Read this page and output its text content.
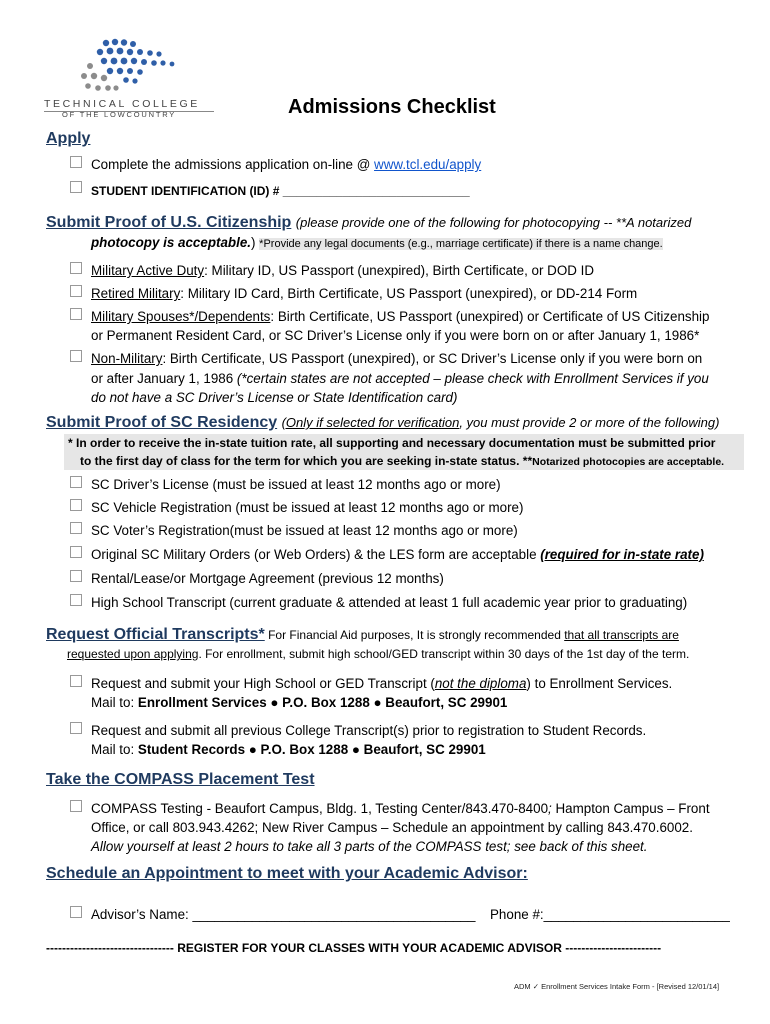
TECHNICAL COLLEGE
OF THE LOWCOUNTRY	Admissions Checklist
Apply
Complete the admissions application on-line @ www.tcl.edu/apply
STUDENT IDENTIFICATION (ID) # ____________________________
Submit Proof of U.S. Citizenship (please provide one of the following for photocopying -- **A notarized
photocopy is acceptable.) *Provide any legal documents (e.g., marriage certificate) if there is a name change.
Military Active Duty: Military ID, US Passport (unexpired), Birth Certificate, or DOD ID
Retired Military: Military ID Card, Birth Certificate, US Passport (unexpired), or DD-214 Form
Military Spouses*/Dependents: Birth Certificate, US Passport (unexpired) or Certificate of US Citizenship
or Permanent Resident Card, or SC Driver’s License only if you were born on or after January 1, 1986*
Non-Military: Birth Certificate, US Passport (unexpired), or SC Driver’s License only if you were born on
or after January 1, 1986 (*certain states are not accepted – please check with Enrollment Services if you
do not have a SC Driver’s License or State Identification card)
Submit Proof of SC Residency (Only if selected for verification, you must provide 2 or more of the following)
* In order to receive the in-state tuition rate, all supporting and necessary documentation must be submitted prior
to the first day of class for the term for which you are seeking in-state status. **Notarized photocopies are acceptable.
SC Driver’s License (must be issued at least 12 months ago or more)
SC Vehicle Registration (must be issued at least 12 months ago or more)
SC Voter’s Registration(must be issued at least 12 months ago or more)
Original SC Military Orders (or Web Orders) & the LES form are acceptable (required for in-state rate)
Rental/Lease/or Mortgage Agreement (previous 12 months)
High School Transcript (current graduate & attended at least 1 full academic year prior to graduating)
Request Official Transcripts* For Financial Aid purposes, It is strongly recommended that all transcripts are
requested upon applying. For enrollment, submit high school/GED transcript within 30 days of the 1st day of the term.
Request and submit your High School or GED Transcript (not the diploma) to Enrollment Services.
Mail to: Enrollment Services ● P.O. Box 1288 ● Beaufort, SC 29901
Request and submit all previous College Transcript(s) prior to registration to Student Records.
Mail to: Student Records ● P.O. Box 1288 ● Beaufort, SC 29901
Take the COMPASS Placement Test
COMPASS Testing - Beaufort Campus, Bldg. 1, Testing Center/843.470-8400; Hampton Campus – Front
Office, or call 803.943.4262; New River Campus – Schedule an appointment by calling 843.470.6002.
Allow yourself at least 2 hours to take all 3 parts of the COMPASS test; see back of this sheet.
Schedule an Appointment to meet with your Academic Advisor:
Advisor’s Name: ______________________________________ Phone #:_________________________
-------------------------------- REGISTER FOR YOUR CLASSES WITH YOUR ACADEMIC ADVISOR ------------------------
ADM ✓ Enrollment Services Intake Form - [Revised 12/01/14]
